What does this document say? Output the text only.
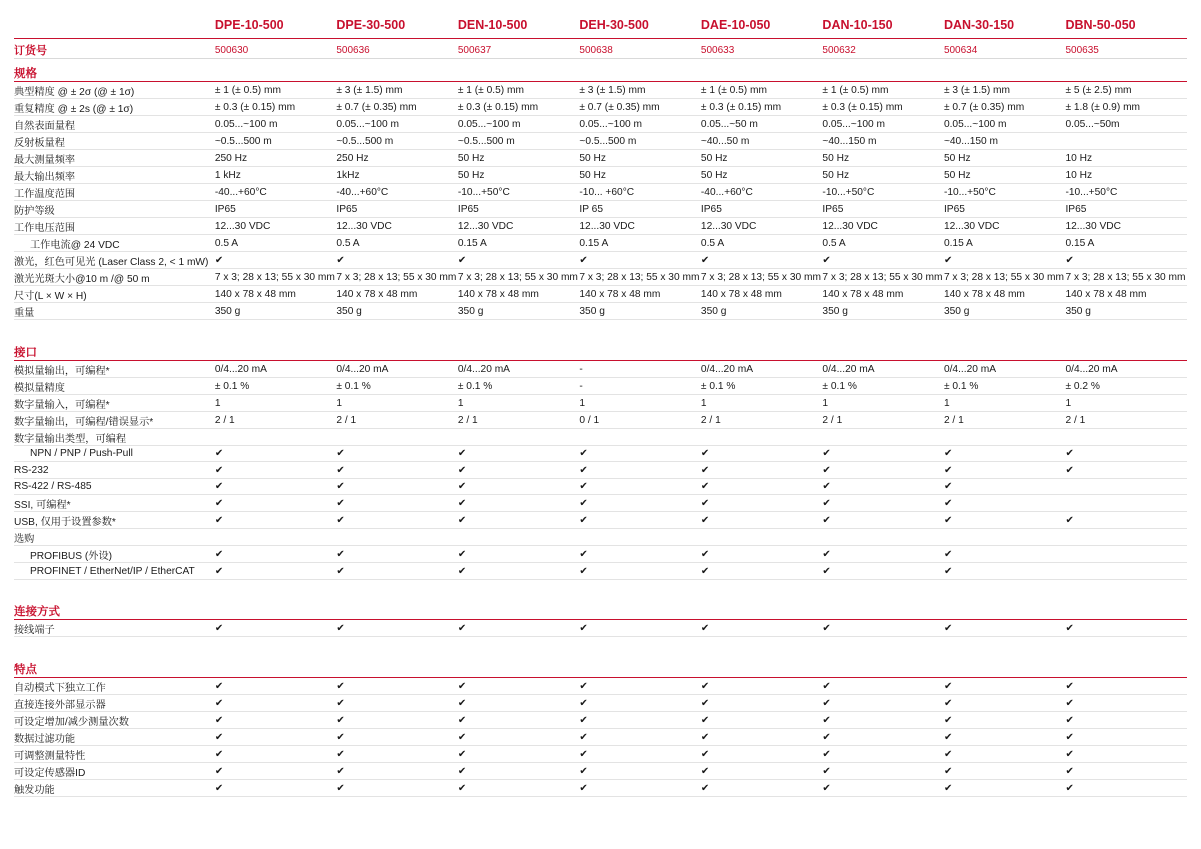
	DPE-10-500	DPE-30-500	DEN-10-500	DEH-30-500	DAE-10-050	DAN-10-150	DAN-30-150	DBN-50-050
订货号	500630	500636	500637	500638	500633	500632	500634	500635
规格								
典型精度 @ ± 2σ (@ ± 1σ)	± 1 (± 0.5) mm	± 3 (± 1.5) mm	± 1 (± 0.5) mm	± 3 (± 1.5) mm	± 1 (± 0.5) mm	± 1 (± 0.5) mm	± 3 (± 1.5) mm	± 5 (± 2.5) mm
重复精度 @ ± 2s (@ ± 1σ)	± 0.3 (± 0.15) mm	± 0.7 (± 0.35) mm	± 0.3 (± 0.15) mm	± 0.7 (± 0.35) mm	± 0.3 (± 0.15) mm	± 0.3 (± 0.15) mm	± 0.7 (± 0.35) mm	± 1.8 (± 0.9) mm
自然表面量程	0.05...~100 m	0.05...~100 m	0.05...~100 m	0.05...~100 m	0.05...~50 m	0.05...~100 m	0.05...~100 m	0.05...~50m
反射板量程	~0.5...500 m	~0.5...500 m	~0.5...500 m	~0.5...500 m	~40...50 m	~40...150 m	~40...150 m	
最大测量频率	250 Hz	250 Hz	50 Hz	50 Hz	50 Hz	50 Hz	50 Hz	10 Hz
最大输出频率	1 kHz	1kHz	50 Hz	50 Hz	50 Hz	50 Hz	50 Hz	10 Hz
工作温度范围	-40...+60°C	-40...+60°C	-10...+50°C	-10... +60°C	-40...+60°C	-10...+50°C	-10...+50°C	-10...+50°C
防护等级	IP65	IP65	IP65	IP 65	IP65	IP65	IP65	IP65
工作电压范围	12...30 VDC	12...30 VDC	12...30 VDC	12...30 VDC	12...30 VDC	12...30 VDC	12...30 VDC	12...30 VDC
工作电流@ 24 VDC	0.5 A	0.5 A	0.15 A	0.15 A	0.5 A	0.5 A	0.15 A	0.15 A
激光，红色可见光 (Laser Class 2, < 1 mW)	✔	✔	✔	✔	✔	✔	✔	✔
激光光斑大小@10 m /@ 50 m	7 x 3; 28 x 13; 55 x 30 mm	7 x 3; 28 x 13; 55 x 30 mm	7 x 3; 28 x 13; 55 x 30 mm	7 x 3; 28 x 13; 55 x 30 mm	7 x 3; 28 x 13; 55 x 30 mm	7 x 3; 28 x 13; 55 x 30 mm	7 x 3; 28 x 13; 55 x 30 mm	7 x 3; 28 x 13; 55 x 30 mm
尺寸(L × W × H)	140 x 78 x 48 mm	140 x 78 x 48 mm	140 x 78 x 48 mm	140 x 78 x 48 mm	140 x 78 x 48 mm	140 x 78 x 48 mm	140 x 78 x 48 mm	140 x 78 x 48 mm
重量	350 g	350 g	350 g	350 g	350 g	350 g	350 g	350 g

接口								
模拟量输出，可编程*	0/4...20 mA	0/4...20 mA	0/4...20 mA	-	0/4...20 mA	0/4...20 mA	0/4...20 mA	0/4...20 mA
模拟量精度	± 0.1 %	± 0.1 %	± 0.1 %	-	± 0.1 %	± 0.1 %	± 0.1 %	± 0.2 %
数字量输入，可编程*	1	1	1	1	1	1	1	1
数字量输出，可编程/错误显示*	2 / 1	2 / 1	2 / 1	0 / 1	2 / 1	2 / 1	2 / 1	2 / 1
数字量输出类型，可编程								
NPN / PNP / Push-Pull	✔	✔	✔	✔	✔	✔	✔	✔
RS-232	✔	✔	✔	✔	✔	✔	✔	✔
RS-422 / RS-485	✔	✔	✔	✔	✔	✔	✔	
SSI, 可编程*	✔	✔	✔	✔	✔	✔	✔	
USB, 仅用于设置参数*	✔	✔	✔	✔	✔	✔	✔	✔
选购								
PROFIBUS (外设)	✔	✔	✔	✔	✔	✔	✔	
PROFINET / EtherNet/IP / EtherCAT	✔	✔	✔	✔	✔	✔	✔	

连接方式								
接线端子	✔	✔	✔	✔	✔	✔	✔	✔

特点								
自动模式下独立工作	✔	✔	✔	✔	✔	✔	✔	✔
直接连接外部显示器	✔	✔	✔	✔	✔	✔	✔	✔
可设定增加/减少测量次数	✔	✔	✔	✔	✔	✔	✔	✔
数据过滤功能	✔	✔	✔	✔	✔	✔	✔	✔
可调整测量特性	✔	✔	✔	✔	✔	✔	✔	✔
可设定传感器ID	✔	✔	✔	✔	✔	✔	✔	✔
触发功能	✔	✔	✔	✔	✔	✔	✔	✔
